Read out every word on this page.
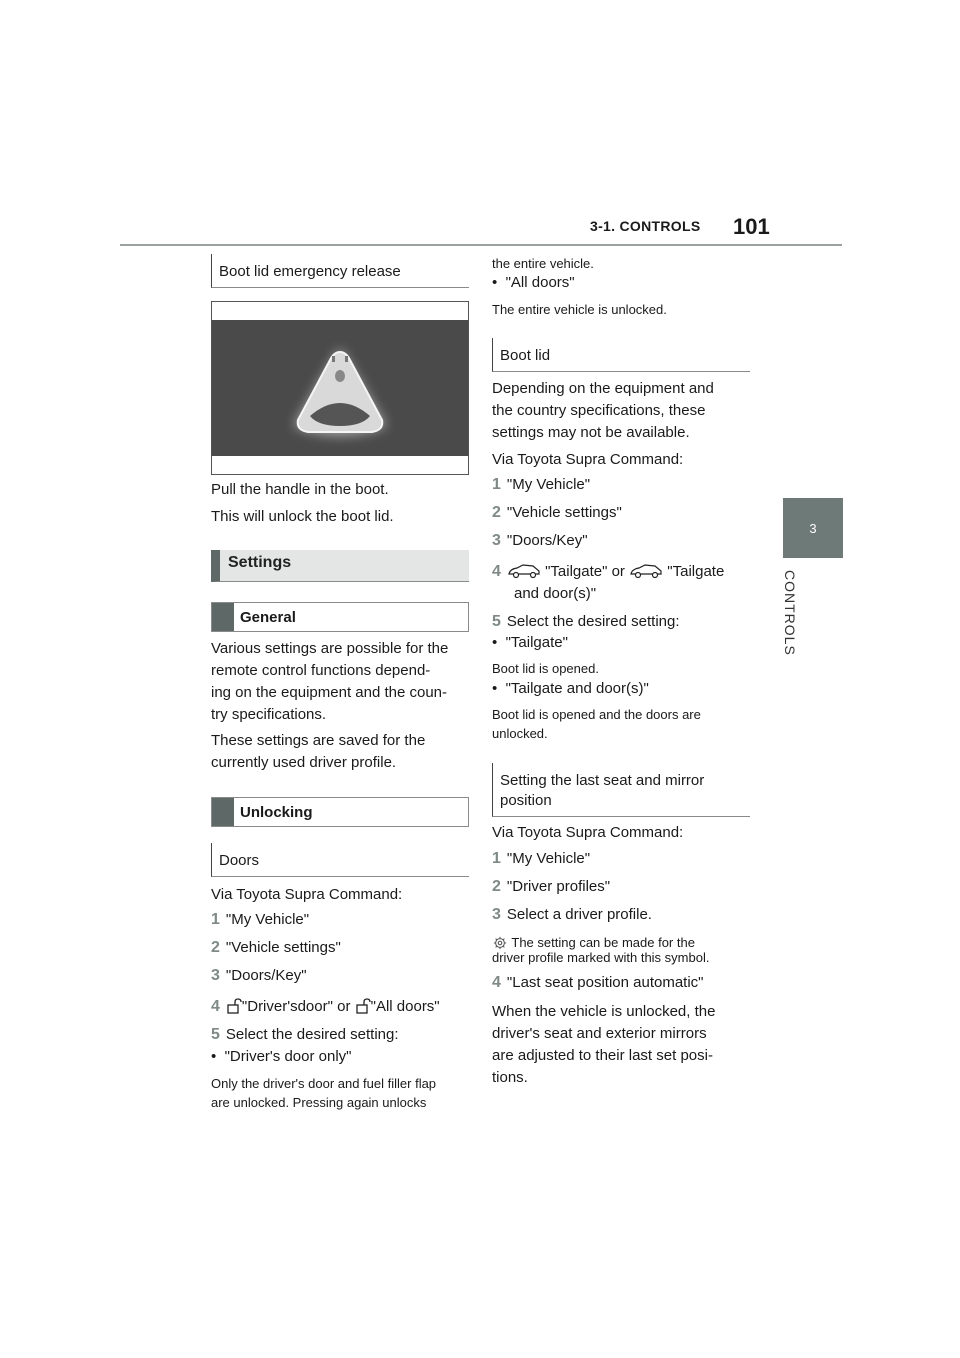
3-1. CONTROLS 101
3
CONTROLS
Boot lid emergency release

Pull the handle in the boot.

This will unlock the boot lid.

Settings
General

Various settings are possible for the

remote control functions depend-

ing on the equipment and the coun-

try specifications.

These settings are saved for the

currently used driver profile.

Unlocking
Doors

Via Toyota Supra Command:

1 "My Vehicle"
2 "Vehicle settings"
3 "Doors/Key"
4 "Driver'sdoor" or "All doors"
5 Select the desired setting:
•  "Driver's door only"

Only the driver's door and fuel filler flap

are unlocked. Pressing again unlocks

the entire vehicle.

•  "All doors"

The entire vehicle is unlocked.

Boot lid

Depending on the equipment and

the country specifications, these

settings may not be available.

Via Toyota Supra Command:

1 "My Vehicle"
2 "Vehicle settings"
3 "Doors/Key"
4	"Tailgate" or  "Tailgate
and door(s)"
5 Select the desired setting:
•  "Tailgate"

Boot lid is opened.

•  "Tailgate and door(s)"

Boot lid is opened and the doors are

unlocked.

Setting the last seat and mirror
position

Via Toyota Supra Command:

1 "My Vehicle"
2 "Driver profiles"
3 Select a driver profile.
The setting can be made for the
driver profile marked with this symbol.
4 "Last seat position automatic"

When the vehicle is unlocked, the

driver's seat and exterior mirrors

are adjusted to their last set posi-

tions.
